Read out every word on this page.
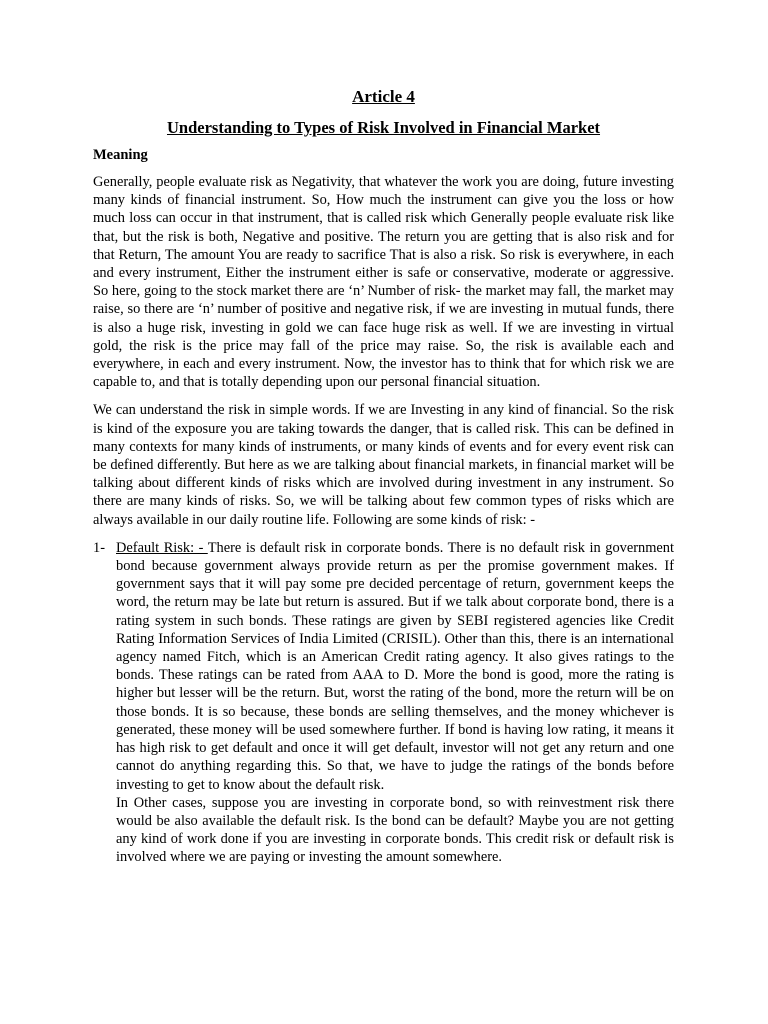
Article 4
Understanding to Types of Risk Involved in Financial Market
Meaning

Generally, people evaluate risk as Negativity, that whatever the work you are doing, future investing many kinds of financial instrument. So, How much the instrument can give you the loss or how much loss can occur in that instrument, that is called risk which Generally people evaluate risk like that, but the risk is both, Negative and positive. The return you are getting that is also risk and for that Return, The amount You are ready to sacrifice That is also a risk. So risk is everywhere, in each and every instrument, Either the instrument either is safe or conservative, moderate or aggressive. So here, going to the stock market there are ‘n’ Number of risk- the market may fall, the market may raise, so there are ‘n’ number of positive and negative risk, if we are investing in mutual funds, there is also a huge risk, investing in gold we can face huge risk as well. If we are investing in virtual gold, the risk is the price may fall of the price may raise. So, the risk is available each and everywhere, in each and every instrument. Now, the investor has to think that for which risk we are capable to, and that is totally depending upon our personal financial situation.

We can understand the risk in simple words. If we are Investing in any kind of financial. So the risk is kind of the exposure you are taking towards the danger, that is called risk. This can be defined in many contexts for many kinds of instruments, or many kinds of events and for every event risk can be defined differently. But here as we are talking about financial markets, in financial market will be talking about different kinds of risks which are involved during investment in any instrument. So there are many kinds of risks. So, we will be talking about few common types of risks which are always available in our daily routine life. Following are some kinds of risk: -

1- Default Risk: - There is default risk in corporate bonds. There is no default risk in government bond because government always provide return as per the promise government makes. If government says that it will pay some pre decided percentage of return, government keeps the word, the return may be late but return is assured. But if we talk about corporate bond, there is a rating system in such bonds. These ratings are given by SEBI registered agencies like Credit Rating Information Services of India Limited (CRISIL). Other than this, there is an international agency named Fitch, which is an American Credit rating agency. It also gives ratings to the bonds. These ratings can be rated from AAA to D. More the bond is good, more the rating is higher but lesser will be the return. But, worst the rating of the bond, more the return will be on those bonds. It is so because, these bonds are selling themselves, and the money whichever is generated, these money will be used somewhere further. If bond is having low rating, it means it has high risk to get default and once it will get default, investor will not get any return and one cannot do anything regarding this. So that, we have to judge the ratings of the bonds before investing to get to know about the default risk.

In Other cases, suppose you are investing in corporate bond, so with reinvestment risk there would be also available the default risk. Is the bond can be default? Maybe you are not getting any kind of work done if you are investing in corporate bonds. This credit risk or default risk is involved where we are paying or investing the amount somewhere.
